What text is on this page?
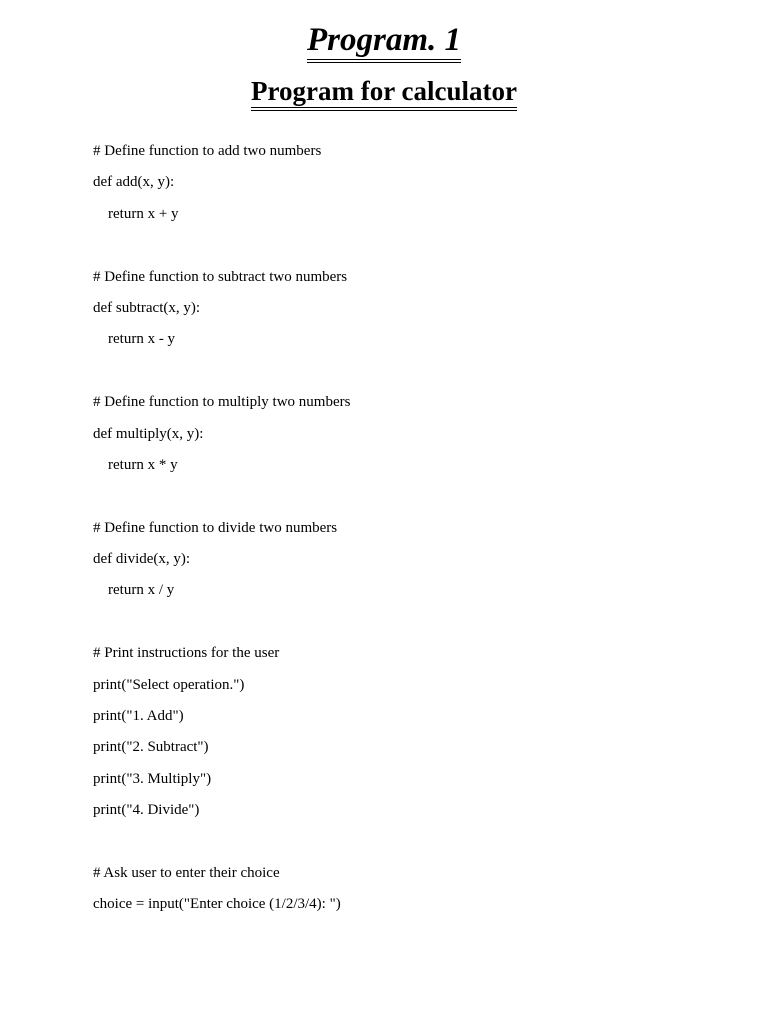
Program. 1
Program for calculator
# Define function to add two numbers
def add(x, y):
return x + y
# Define function to subtract two numbers
def subtract(x, y):
return x - y
# Define function to multiply two numbers
def multiply(x, y):
return x * y
# Define function to divide two numbers
def divide(x, y):
return x / y
# Print instructions for the user
print("Select operation.")
print("1. Add")
print("2. Subtract")
print("3. Multiply")
print("4. Divide")
# Ask user to enter their choice
choice = input("Enter choice (1/2/3/4): ")
